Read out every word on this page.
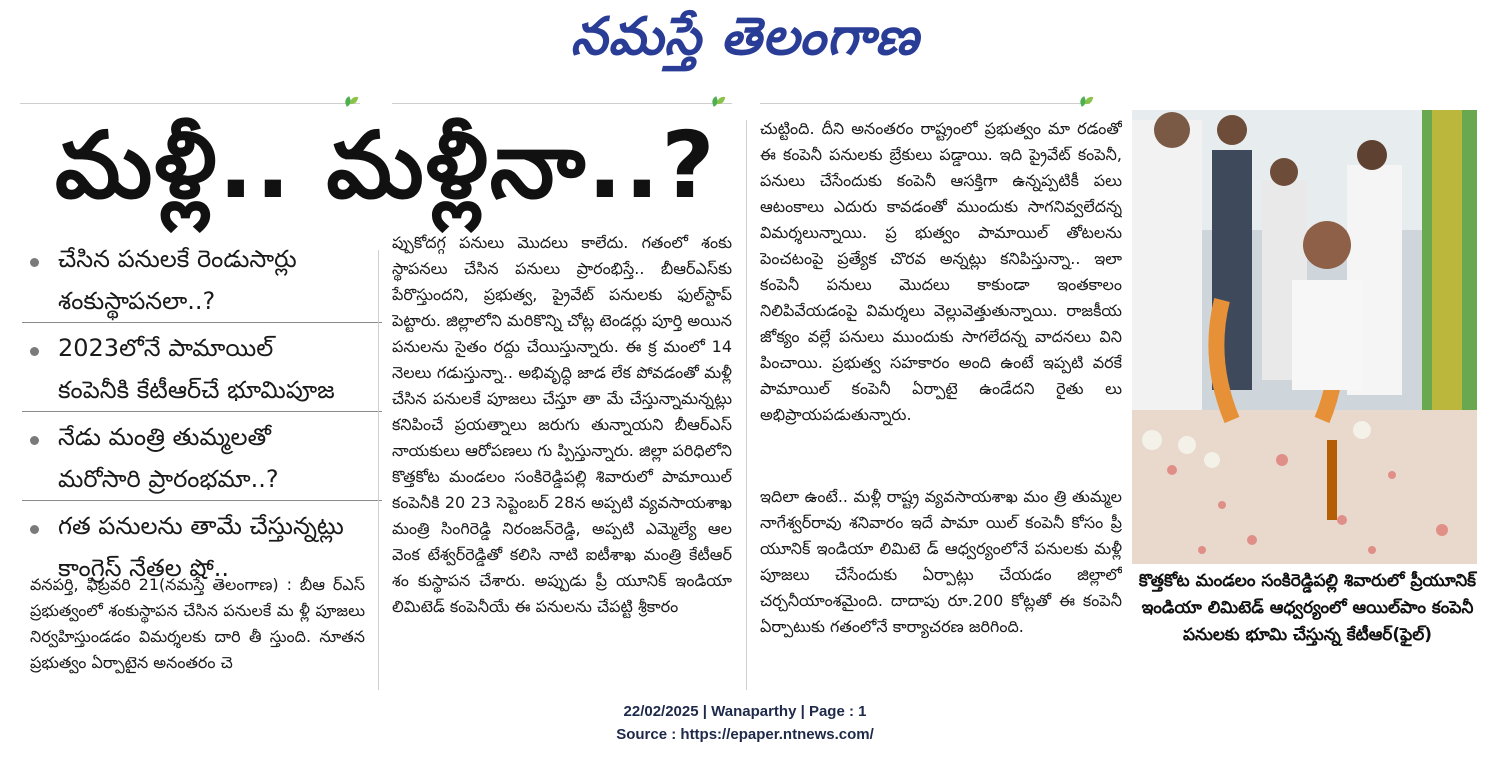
నమస్తే తెలంగాణ
మళ్లీ.. మళ్లీనా..?
చేసిన పనులకే రెండుసార్లు
శంకుస్థాపనలా..?
2023లోనే పామాయిల్
కంపెనీకి కేటీఆర్‌చే భూమిపూజ
నేడు మంత్రి తుమ్మలతో
మరోసారి ప్రారంభమా..?
గత పనులను తామే చేస్తున్నట్లు
కాంగ్రెస్ నేతల షో..
వనపర్తి, ఫిబ్రవరి 21(నమస్తే తెలంగాణ) : బీఆ ర్‌ఎస్ ప్రభుత్వంలో శంకుస్థాపన చేసిన పనులకే మ ళ్లీ పూజలు నిర్వహిస్తుండడం విమర్శలకు దారి తీ స్తుంది. నూతన ప్రభుత్వం ఏర్పాటైన అనంతరం చె
ప్పుకోదగ్గ పనులు మొదలు కాలేదు. గతంలో శంకు స్థాపనలు చేసిన పనులు ప్రారంభిస్తే.. బీఆర్‌ఎస్‌కు పేరొస్తుందని, ప్రభుత్వ, ప్రైవేట్ పనులకు ఫుల్‌స్టాప్ పెట్టారు. జిల్లాలోని మరికొన్ని చోట్ల టెండర్లు పూర్తి అయిన పనులను సైతం రద్దు చేయిస్తున్నారు. ఈ క్ర మంలో 14 నెలలు గడుస్తున్నా.. అభివృద్ధి జాడ లేక పోవడంతో మళ్లీ చేసిన పనులకే పూజలు చేస్తూ తా మే చేస్తున్నామన్నట్లు కనిపించే ప్రయత్నాలు జరుగు తున్నాయని బీఆర్‌ఎస్ నాయకులు ఆరోపణలు గు ప్పిస్తున్నారు. జిల్లా పరిధిలోని కొత్తకోట మండలం సంకిరెడ్డిపల్లి శివారులో పామాయిల్ కంపెనీకి 20 23 సెప్టెంబర్ 28న అప్పటి వ్యవసాయశాఖ మంత్రి సింగిరెడ్డి నిరంజన్‌రెడ్డి, అప్పటి ఎమ్మెల్యే ఆల వెంక టేశ్వర్‌రెడ్డితో కలిసి నాటి ఐటీశాఖ మంత్రి కేటీఆర్ శం కుస్థాపన చేశారు. అప్పుడు ప్రీ యూనిక్ ఇండియా లిమిటెడ్ కంపెనీయే ఈ పనులను చేపట్టి శ్రీకారం
చుట్టింది. దీని అనంతరం రాష్ట్రంలో ప్రభుత్వం మా రడంతో ఈ కంపెనీ పనులకు బ్రేకులు పడ్డాయి. ఇది ప్రైవేట్ కంపెనీ, పనులు చేసేందుకు కంపెనీ ఆసక్తిగా ఉన్నప్పటికీ పలు ఆటంకాలు ఎదురు కావడంతో ముందుకు సాగనివ్వలేదన్న విమర్శలున్నాయి. ప్ర భుత్వం పామాయిల్ తోటలను పెంచటంపై ప్రత్యేక చొరవ అన్నట్లు కనిపిస్తున్నా.. ఇలా కంపెనీ పనులు మొదలు కాకుండా ఇంతకాలం నిలిపివేయడంపై విమర్శలు వెల్లువెత్తుతున్నాయి. రాజకీయ జోక్యం వల్లే పనులు ముందుకు సాగలేదన్న వాదనలు విని పించాయి. ప్రభుత్వ సహకారం అంది ఉంటే ఇప్పటి వరకే పామాయిల్ కంపెనీ ఏర్పాటై ఉండేదని రైతు లు అభిప్రాయపడుతున్నారు.
ఇదిలా ఉంటే.. మళ్లీ రాష్ట్ర వ్యవసాయశాఖ మం త్రి తుమ్మల నాగేశ్వర్‌రావు శనివారం ఇదే పామా యిల్ కంపెనీ కోసం ప్రీ యూనిక్ ఇండియా లిమిటె డ్ ఆధ్వర్యంలోనే పనులకు మళ్లీ పూజలు చేసేందుకు ఏర్పాట్లు చేయడం జిల్లాలో చర్చనీయాంశమైంది. దాదాపు రూ.200 కోట్లతో ఈ కంపెనీ ఏర్పాటుకు గతంలోనే కార్యాచరణ జరిగింది.
కొత్తకోట మండలం సంకిరెడ్డిపల్లి శివారులో ప్రీయూనిక్ ఇండియా లిమిటెడ్ ఆధ్వర్యంలో ఆయిల్‌పాం కంపెనీ పనులకు భూమి చేస్తున్న కేటీఆర్(ఫైల్)
22/02/2025 | Wanaparthy | Page : 1
Source : https://epaper.ntnews.com/
